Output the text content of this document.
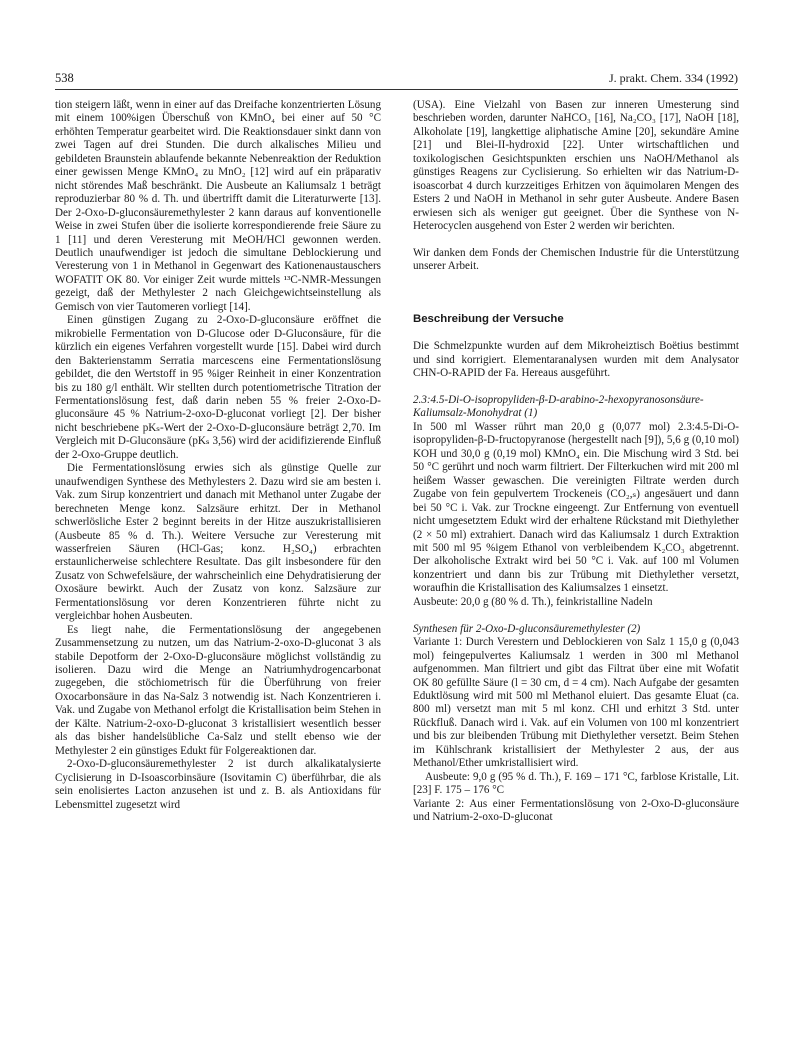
538	J. prakt. Chem. 334 (1992)

tion steigern läßt, wenn in einer auf das Dreifache konzentrierten Lösung mit einem 100%igen Überschuß von KMnO₄ bei einer auf 50 °C erhöhten Temperatur gearbeitet wird. Die Reaktionsdauer sinkt dann von zwei Tagen auf drei Stunden. Die durch alkalisches Milieu und gebildeten Braunstein ablaufende bekannte Nebenreaktion der Reduktion einer gewissen Menge KMnO₄ zu MnO₂ [12] wird auf ein präparativ nicht störendes Maß beschränkt. Die Ausbeute an Kaliumsalz 1 beträgt reproduzierbar 80 % d. Th. und übertrifft damit die Literaturwerte [13]. Der 2-Oxo-D-gluconsäuremethylester 2 kann daraus auf konventionelle Weise in zwei Stufen über die isolierte korrespondierende freie Säure zu 1 [11] und deren Veresterung mit MeOH/HCl gewonnen werden. Deutlich unaufwendiger ist jedoch die simultane Deblockierung und Veresterung von 1 in Methanol in Gegenwart des Kationenaustauschers WOFATIT OK 80. Vor einiger Zeit wurde mittels ¹³C-NMR-Messungen gezeigt, daß der Methylester 2 nach Gleichgewichtseinstellung als Gemisch von vier Tautomeren vorliegt [14].

Einen günstigen Zugang zu 2-Oxo-D-gluconsäure eröffnet die mikrobielle Fermentation von D-Glucose oder D-Gluconsäure, für die kürzlich ein eigenes Verfahren vorgestellt wurde [15]. Dabei wird durch den Bakterienstamm Serratia marcescens eine Fermentationslösung gebildet, die den Wertstoff in 95 %iger Reinheit in einer Konzentration bis zu 180 g/l enthält. Wir stellten durch potentiometrische Titration der Fermentationslösung fest, daß darin neben 55 % freier 2-Oxo-D-gluconsäure 45 % Natrium-2-oxo-D-gluconat vorliegt [2]. Der bisher nicht beschriebene pKₛ-Wert der 2-Oxo-D-gluconsäure beträgt 2,70. Im Vergleich mit D-Gluconsäure (pKₛ 3,56) wird der acidifizierende Einfluß der 2-Oxo-Gruppe deutlich.

Die Fermentationslösung erwies sich als günstige Quelle zur unaufwendigen Synthese des Methylesters 2. Dazu wird sie am besten i. Vak. zum Sirup konzentriert und danach mit Methanol unter Zugabe der berechneten Menge konz. Salzsäure erhitzt. Der in Methanol schwerlösliche Ester 2 beginnt bereits in der Hitze auszukristallisieren (Ausbeute 85 % d. Th.). Weitere Versuche zur Veresterung mit wasserfreien Säuren (HCl-Gas; konz. H₂SO₄) erbrachten erstaunlicherweise schlechtere Resultate. Das gilt insbesondere für den Zusatz von Schwefelsäure, der wahrscheinlich eine Dehydratisierung der Oxosäure bewirkt. Auch der Zusatz von konz. Salzsäure zur Fermentationslösung vor deren Konzentrieren führte nicht zu vergleichbar hohen Ausbeuten.

Es liegt nahe, die Fermentationslösung der angegebenen Zusammensetzung zu nutzen, um das Natrium-2-oxo-D-gluconat 3 als stabile Depotform der 2-Oxo-D-gluconsäure möglichst vollständig zu isolieren. Dazu wird die Menge an Natriumhydrogencarbonat zugegeben, die stöchiometrisch für die Überführung von freier Oxocarbonsäure in das Na-Salz 3 notwendig ist. Nach Konzentrieren i. Vak. und Zugabe von Methanol erfolgt die Kristallisation beim Stehen in der Kälte. Natrium-2-oxo-D-gluconat 3 kristallisiert wesentlich besser als das bisher handelsübliche Ca-Salz und stellt ebenso wie der Methylester 2 ein günstiges Edukt für Folgereaktionen dar.

2-Oxo-D-gluconsäuremethylester 2 ist durch alkalikatalysierte Cyclisierung in D-Isoascorbinsäure (Isovitamin C) überführbar, die als sein enolisiertes Lacton anzusehen ist und z. B. als Antioxidans für Lebensmittel zugesetzt wird

(USA). Eine Vielzahl von Basen zur inneren Umesterung sind beschrieben worden, darunter NaHCO₃ [16], Na₂CO₃ [17], NaOH [18], Alkoholate [19], langkettige aliphatische Amine [20], sekundäre Amine [21] und Blei-II-hydroxid [22]. Unter wirtschaftlichen und toxikologischen Gesichtspunkten erschien uns NaOH/Methanol als günstiges Reagens zur Cyclisierung. So erhielten wir das Natrium-D-isoascorbat 4 durch kurzzeitiges Erhitzen von äquimolaren Mengen des Esters 2 und NaOH in Methanol in sehr guter Ausbeute. Andere Basen erwiesen sich als weniger gut geeignet. Über die Synthese von N-Heterocyclen ausgehend von Ester 2 werden wir berichten.

Wir danken dem Fonds der Chemischen Industrie für die Unterstützung unserer Arbeit.

Beschreibung der Versuche

Die Schmelzpunkte wurden auf dem Mikroheiztisch Boëtius bestimmt und sind korrigiert. Elementaranalysen wurden mit dem Analysator CHN-O-RAPID der Fa. Hereaus ausgeführt.

2.3:4.5-Di-O-isopropyliden-β-D-arabino-2-hexopyranosonsäure-Kaliumsalz-Monohydrat (1)

In 500 ml Wasser rührt man 20,0 g (0,077 mol) 2.3:4.5-Di-O-isopropyliden-β-D-fructopyranose (hergestellt nach [9]), 5,6 g (0,10 mol) KOH und 30,0 g (0,19 mol) KMnO₄ ein. Die Mischung wird 3 Std. bei 50 °C gerührt und noch warm filtriert. Der Filterkuchen wird mit 200 ml heißem Wasser gewaschen. Die vereinigten Filtrate werden durch Zugabe von fein gepulvertem Trockeneis (CO₂,ₛ) angesäuert und dann bei 50 °C i. Vak. zur Trockne eingeengt. Zur Entfernung von eventuell nicht umgesetztem Edukt wird der erhaltene Rückstand mit Diethylether (2 × 50 ml) extrahiert. Danach wird das Kaliumsalz 1 durch Extraktion mit 500 ml 95 %igem Ethanol von verbleibendem K₂CO₃ abgetrennt. Der alkoholische Extrakt wird bei 50 °C i. Vak. auf 100 ml Volumen konzentriert und dann bis zur Trübung mit Diethylether versetzt, woraufhin die Kristallisation des Kaliumsalzes 1 einsetzt.

Ausbeute: 20,0 g (80 % d. Th.), feinkristalline Nadeln

Synthesen für 2-Oxo-D-gluconsäuremethylester (2)

Variante 1: Durch Verestern und Deblockieren von Salz 1 15,0 g (0,043 mol) feingepulvertes Kaliumsalz 1 werden in 300 ml Methanol aufgenommen. Man filtriert und gibt das Filtrat über eine mit Wofatit OK 80 gefüllte Säure (l = 30 cm, d = 4 cm). Nach Aufgabe der gesamten Eduktlösung wird mit 500 ml Methanol eluiert. Das gesamte Eluat (ca. 800 ml) versetzt man mit 5 ml konz. CHl und erhitzt 3 Std. unter Rückfluß. Danach wird i. Vak. auf ein Volumen von 100 ml konzentriert und bis zur bleibenden Trübung mit Diethylether versetzt. Beim Stehen im Kühlschrank kristallisiert der Methylester 2 aus, der aus Methanol/Ether umkristallisiert wird.

Ausbeute: 9,0 g (95 % d. Th.), F. 169 – 171 °C, farblose Kristalle, Lit. [23] F. 175 – 176 °C

Variante 2: Aus einer Fermentationslösung von 2-Oxo-D-gluconsäure und Natrium-2-oxo-D-gluconat
